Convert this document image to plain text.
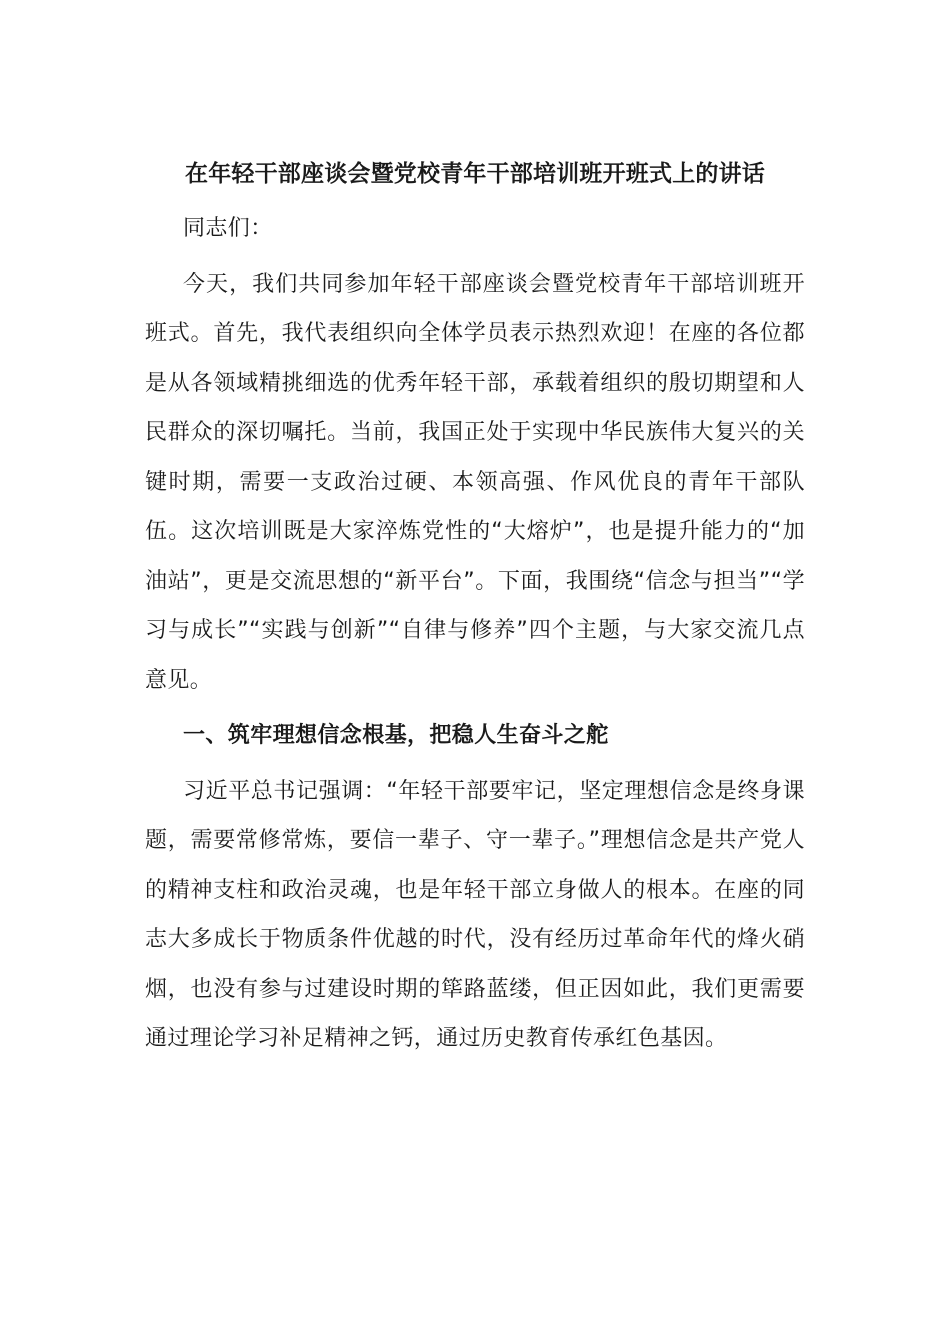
在年轻干部座谈会暨党校青年干部培训班开班式上的讲话

同志们：

今天，我们共同参加年轻干部座谈会暨党校青年干部培训班开班式。首先，我代表组织向全体学员表示热烈欢迎！在座的各位都是从各领域精挑细选的优秀年轻干部，承载着组织的殷切期望和人民群众的深切嘱托。当前，我国正处于实现中华民族伟大复兴的关键时期，需要一支政治过硬、本领高强、作风优良的青年干部队伍。这次培训既是大家淬炼党性的“大熔炉”，也是提升能力的“加油站”，更是交流思想的“新平台”。下面，我围绕“信念与担当”“学习与成长”“实践与创新”“自律与修养”四个主题，与大家交流几点意见。

一、筑牢理想信念根基，把稳人生奋斗之舵

习近平总书记强调：“年轻干部要牢记，坚定理想信念是终身课题，需要常修常炼，要信一辈子、守一辈子。”理想信念是共产党人的精神支柱和政治灵魂，也是年轻干部立身做人的根本。在座的同志大多成长于物质条件优越的时代，没有经历过革命年代的烽火硝烟，也没有参与过建设时期的筚路蓝缕，但正因如此，我们更需要通过理论学习补足精神之钙，通过历史教育传承红色基因。
